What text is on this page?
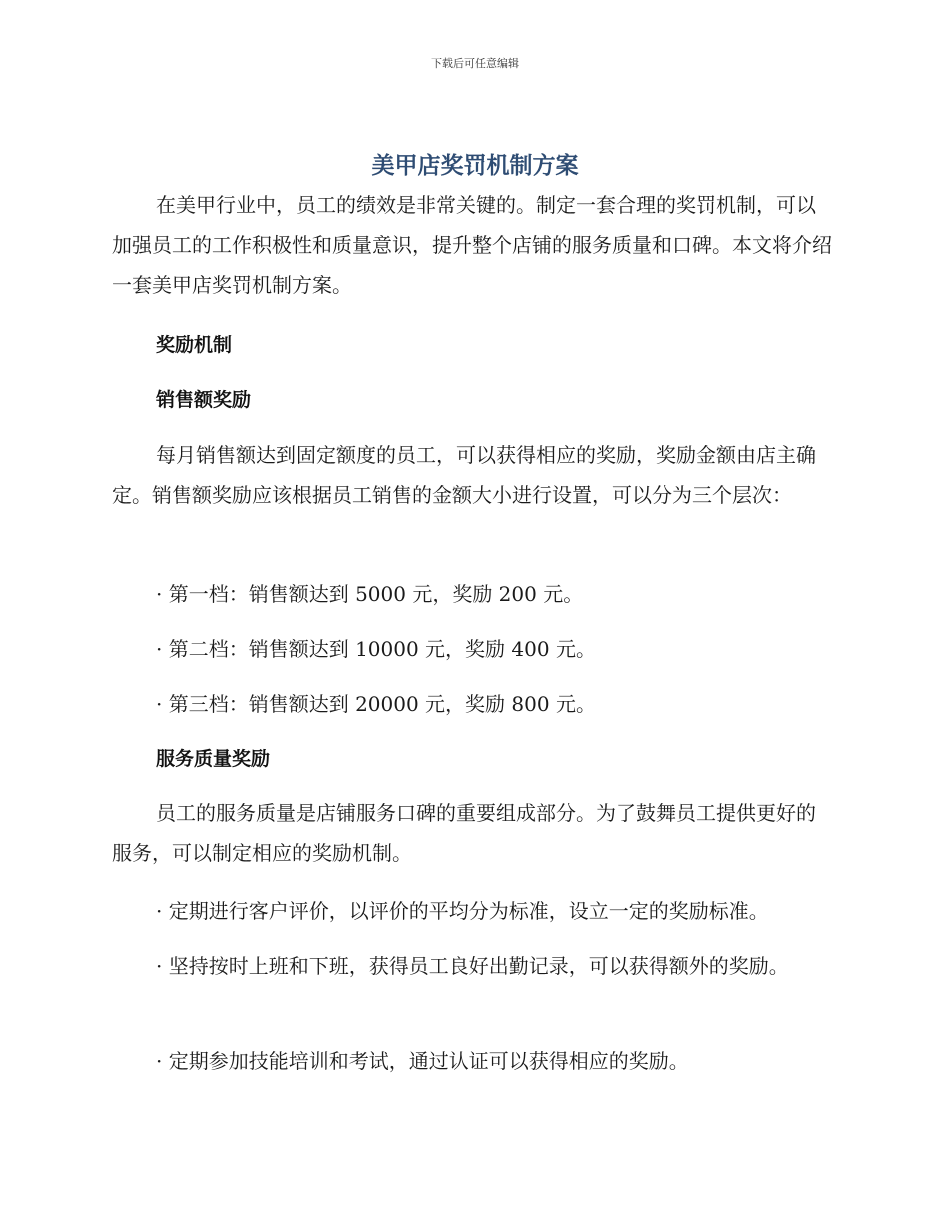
下载后可任意编辑
美甲店奖罚机制方案

在美甲行业中，员工的绩效是非常关键的。制定一套合理的奖罚机制，可以加强员工的工作积极性和质量意识，提升整个店铺的服务质量和口碑。本文将介绍一套美甲店奖罚机制方案。

奖励机制
销售额奖励

每月销售额达到固定额度的员工，可以获得相应的奖励，奖励金额由店主确定。销售额奖励应该根据员工销售的金额大小进行设置，可以分为三个层次：

· 第一档：销售额达到 5000 元，奖励 200 元。

· 第二档：销售额达到 10000 元，奖励 400 元。

· 第三档：销售额达到 20000 元，奖励 800 元。

服务质量奖励

员工的服务质量是店铺服务口碑的重要组成部分。为了鼓舞员工提供更好的服务，可以制定相应的奖励机制。

· 定期进行客户评价，以评价的平均分为标准，设立一定的奖励标准。

· 坚持按时上班和下班，获得员工良好出勤记录，可以获得额外的奖励。

· 定期参加技能培训和考试，通过认证可以获得相应的奖励。
